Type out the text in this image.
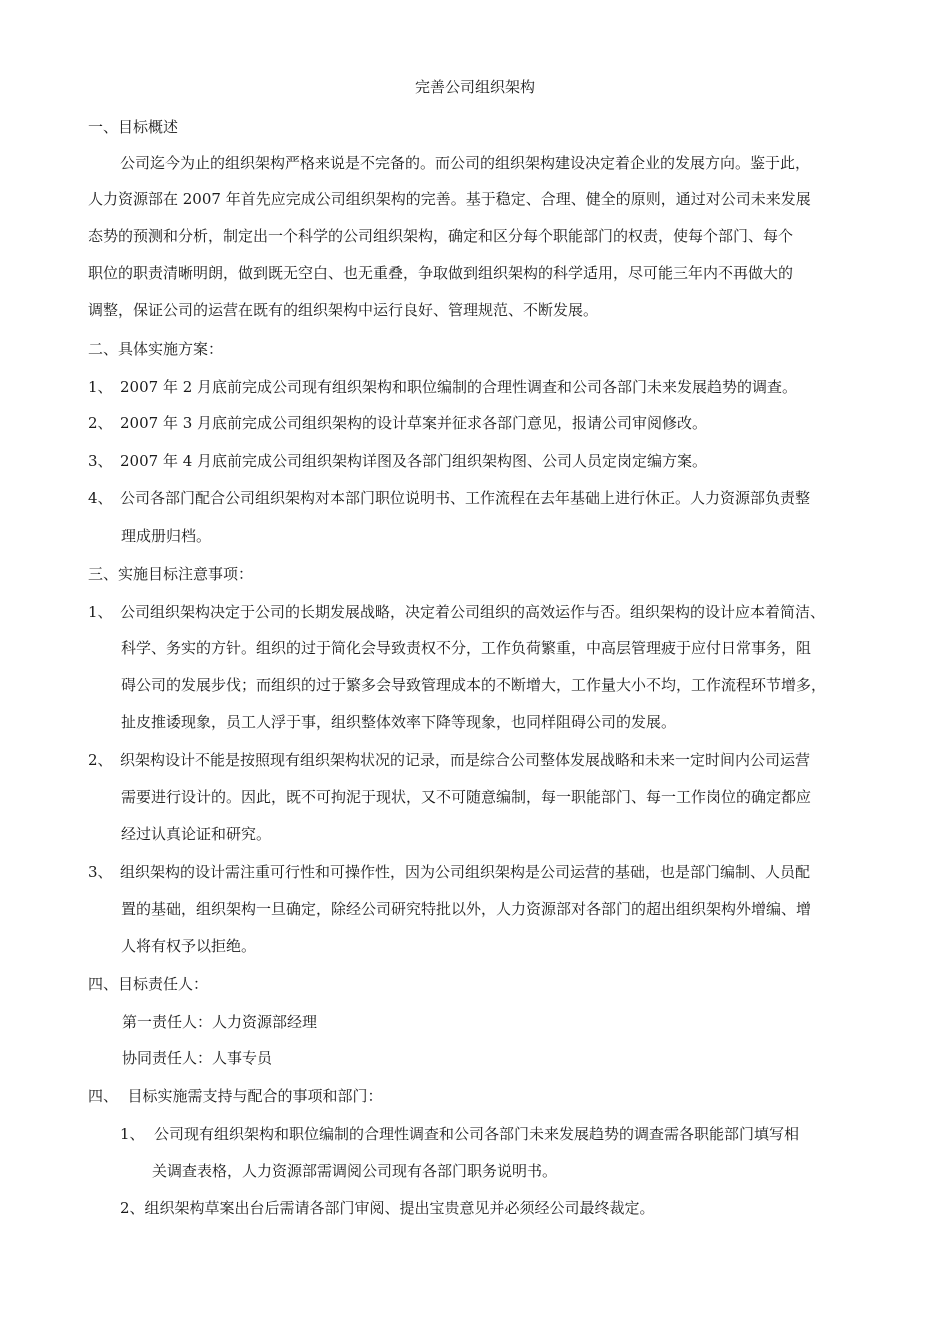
完善公司组织架构
一、目标概述
公司迄今为止的组织架构严格来说是不完备的。而公司的组织架构建设决定着企业的发展方向。鉴于此，
人力资源部在 2007 年首先应完成公司组织架构的完善。基于稳定、合理、健全的原则，通过对公司未来发展
态势的预测和分析，制定出一个科学的公司组织架构，确定和区分每个职能部门的权责，使每个部门、每个
职位的职责清晰明朗，做到既无空白、也无重叠，争取做到组织架构的科学适用，尽可能三年内不再做大的
调整，保证公司的运营在既有的组织架构中运行良好、管理规范、不断发展。
二、具体实施方案：
1、 2007 年 2 月底前完成公司现有组织架构和职位编制的合理性调查和公司各部门未来发展趋势的调查。
2、 2007 年 3 月底前完成公司组织架构的设计草案并征求各部门意见，报请公司审阅修改。
3、 2007 年 4 月底前完成公司组织架构详图及各部门组织架构图、公司人员定岗定编方案。
4、 公司各部门配合公司组织架构对本部门职位说明书、工作流程在去年基础上进行休正。人力资源部负责整
理成册归档。
三、实施目标注意事项：
1、 公司组织架构决定于公司的长期发展战略，决定着公司组织的高效运作与否。组织架构的设计应本着简洁、
科学、务实的方针。组织的过于简化会导致责权不分，工作负荷繁重，中高层管理疲于应付日常事务，阻
碍公司的发展步伐；而组织的过于繁多会导致管理成本的不断增大，工作量大小不均，工作流程环节增多，
扯皮推诿现象，员工人浮于事，组织整体效率下降等现象，也同样阻碍公司的发展。
2、 织架构设计不能是按照现有组织架构状况的记录，而是综合公司整体发展战略和未来一定时间内公司运营
需要进行设计的。因此，既不可拘泥于现状，又不可随意编制，每一职能部门、每一工作岗位的确定都应
经过认真论证和研究。
3、 组织架构的设计需注重可行性和可操作性，因为公司组织架构是公司运营的基础，也是部门编制、人员配
置的基础，组织架构一旦确定，除经公司研究特批以外，人力资源部对各部门的超出组织架构外增编、增
人将有权予以拒绝。
四、目标责任人：
第一责任人：人力资源部经理
协同责任人：人事专员
四、  目标实施需支持与配合的事项和部门：
1、 公司现有组织架构和职位编制的合理性调查和公司各部门未来发展趋势的调查需各职能部门填写相
关调查表格，人力资源部需调阅公司现有各部门职务说明书。
2、组织架构草案出台后需请各部门审阅、提出宝贵意见并必须经公司最终裁定。
